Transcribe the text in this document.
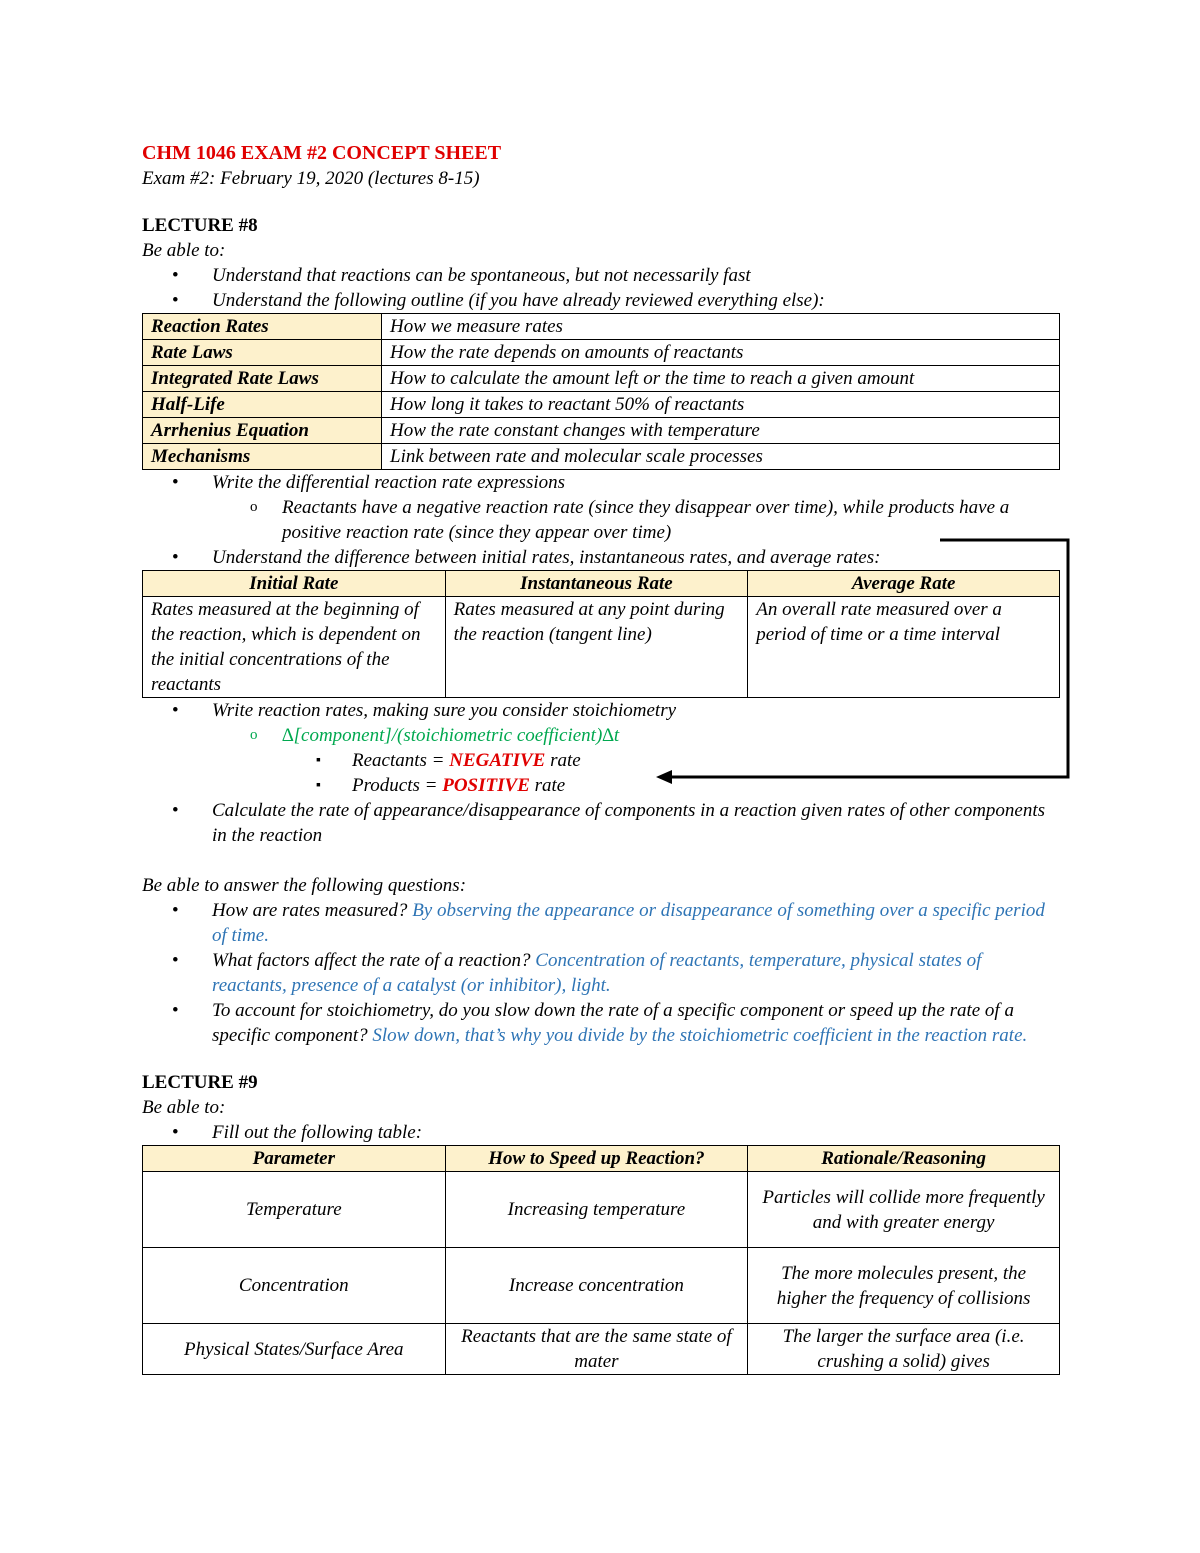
CHM 1046 EXAM #2 CONCEPT SHEET
Exam #2: February 19, 2020 (lectures 8-15)
LECTURE #8
Be able to:
• Understand that reactions can be spontaneous, but not necessarily fast
• Understand the following outline (if you have already reviewed everything else):
Reaction Rates	How we measure rates
Rate Laws	How the rate depends on amounts of reactants
Integrated Rate Laws	How to calculate the amount left or the time to reach a given amount
Half-Life	How long it takes to reactant 50% of reactants
Arrhenius Equation	How the rate constant changes with temperature
Mechanisms	Link between rate and molecular scale processes
• Write the differential reaction rate expressions
o Reactants have a negative reaction rate (since they disappear over time), while products have a positive reaction rate (since they appear over time)
• Understand the difference between initial rates, instantaneous rates, and average rates:
Initial Rate	Instantaneous Rate	Average Rate
Rates measured at the beginning of the reaction, which is dependent on the initial concentrations of the reactants	Rates measured at any point during the reaction (tangent line)	An overall rate measured over a period of time or a time interval
• Write reaction rates, making sure you consider stoichiometry
o ∆[component]/(stoichiometric coefficient)∆t
▪ Reactants = NEGATIVE rate
▪ Products = POSITIVE rate
• Calculate the rate of appearance/disappearance of components in a reaction given rates of other components in the reaction
Be able to answer the following questions:
• How are rates measured? By observing the appearance or disappearance of something over a specific period of time.
• What factors affect the rate of a reaction? Concentration of reactants, temperature, physical states of reactants, presence of a catalyst (or inhibitor), light.
• To account for stoichiometry, do you slow down the rate of a specific component or speed up the rate of a specific component? Slow down, that’s why you divide by the stoichiometric coefficient in the reaction rate.
LECTURE #9
Be able to:
• Fill out the following table:
Parameter	How to Speed up Reaction?	Rationale/Reasoning
Temperature	Increasing temperature	Particles will collide more frequently and with greater energy
Concentration	Increase concentration	The more molecules present, the higher the frequency of collisions
Physical States/Surface Area	Reactants that are the same state of mater	The larger the surface area (i.e. crushing a solid) gives
